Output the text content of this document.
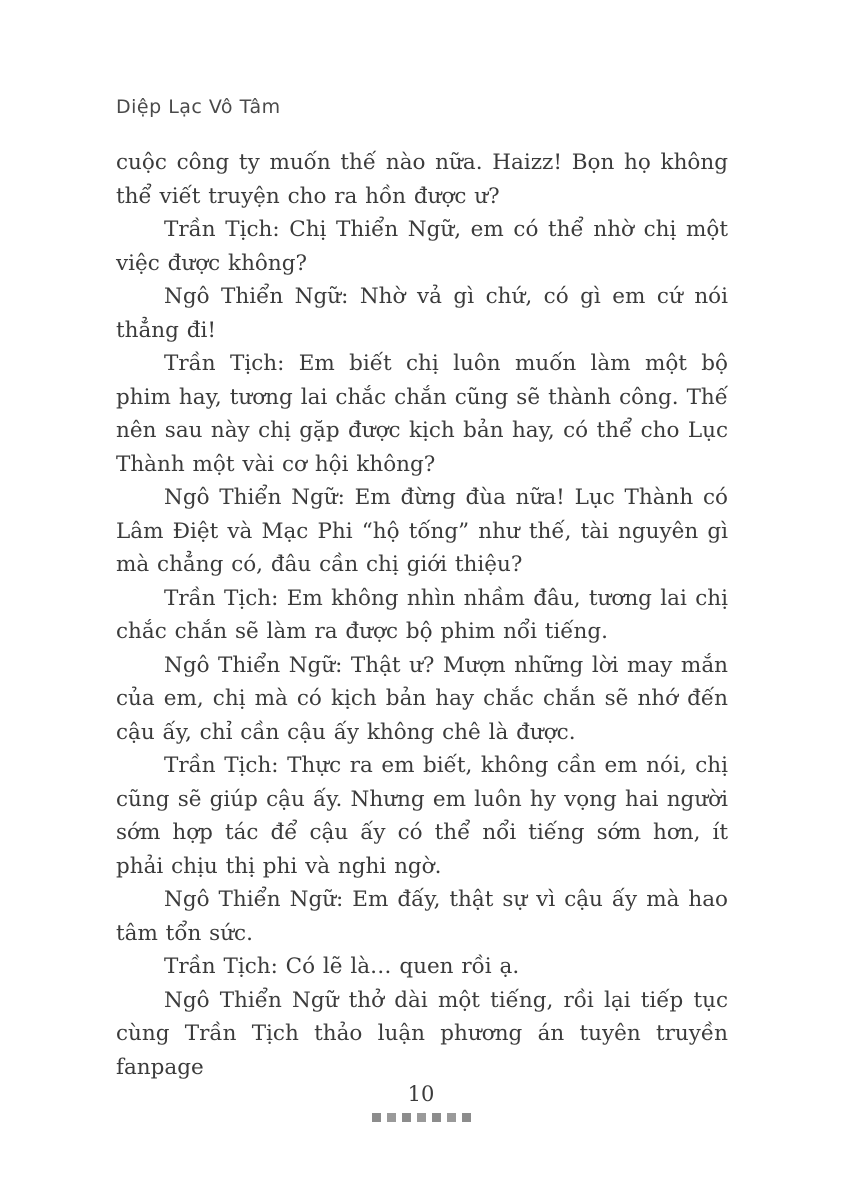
Diệp Lạc Vô Tâm

cuộc công ty muốn thế nào nữa. Haizz! Bọn họ không thể viết truyện cho ra hồn được ư?

Trần Tịch: Chị Thiển Ngữ, em có thể nhờ chị một việc được không?

Ngô Thiển Ngữ: Nhờ vả gì chứ, có gì em cứ nói thẳng đi!

Trần Tịch: Em biết chị luôn muốn làm một bộ phim hay, tương lai chắc chắn cũng sẽ thành công. Thế nên sau này chị gặp được kịch bản hay, có thể cho Lục Thành một vài cơ hội không?

Ngô Thiển Ngữ: Em đừng đùa nữa! Lục Thành có Lâm Điệt và Mạc Phi “hộ tống” như thế, tài nguyên gì mà chẳng có, đâu cần chị giới thiệu?

Trần Tịch: Em không nhìn nhầm đâu, tương lai chị chắc chắn sẽ làm ra được bộ phim nổi tiếng.

Ngô Thiển Ngữ: Thật ư? Mượn những lời may mắn của em, chị mà có kịch bản hay chắc chắn sẽ nhớ đến cậu ấy, chỉ cần cậu ấy không chê là được.

Trần Tịch: Thực ra em biết, không cần em nói, chị cũng sẽ giúp cậu ấy. Nhưng em luôn hy vọng hai người sớm hợp tác để cậu ấy có thể nổi tiếng sớm hơn, ít phải chịu thị phi và nghi ngờ.

Ngô Thiển Ngữ: Em đấy, thật sự vì cậu ấy mà hao tâm tổn sức.

Trần Tịch: Có lẽ là… quen rồi ạ.

Ngô Thiển Ngữ thở dài một tiếng, rồi lại tiếp tục cùng Trần Tịch thảo luận phương án tuyên truyền fanpage

10
